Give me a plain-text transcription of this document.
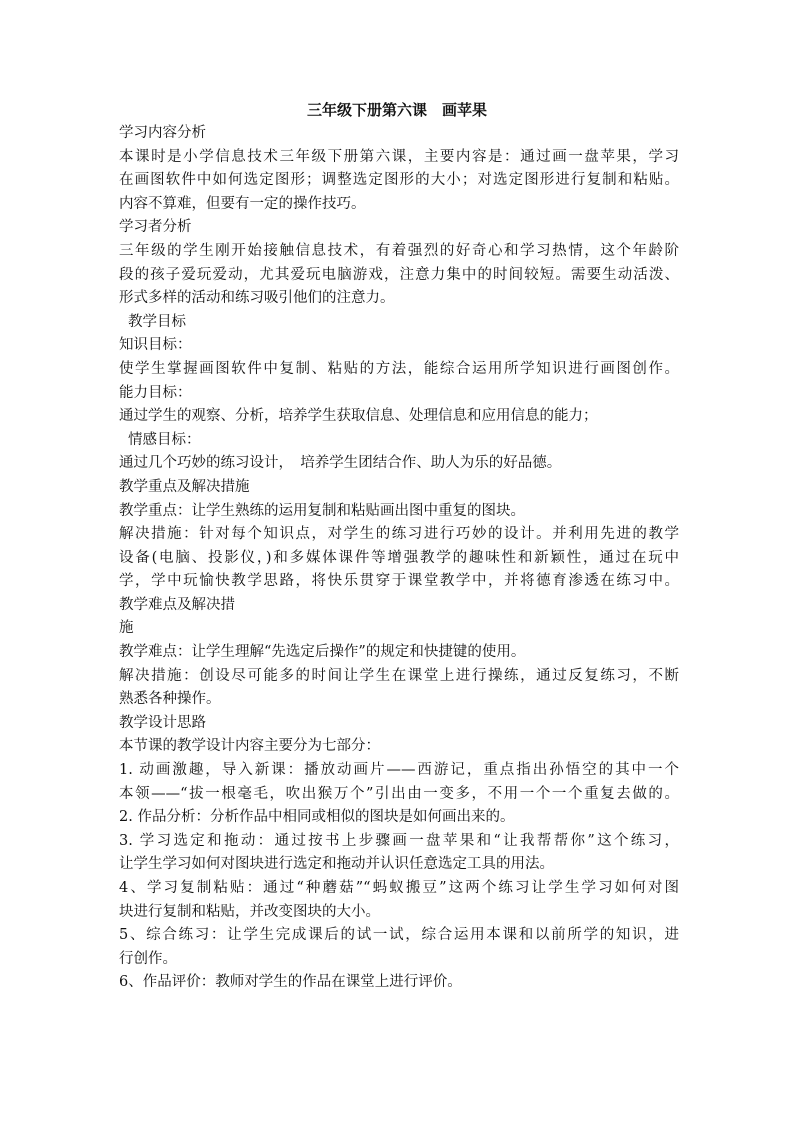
三年级下册第六课　画苹果
学习内容分析
本课时是小学信息技术三年级下册第六课，主要内容是：通过画一盘苹果，学习
在画图软件中如何选定图形；调整选定图形的大小；对选定图形进行复制和粘贴。
内容不算难，但要有一定的操作技巧。
学习者分析
三年级的学生刚开始接触信息技术，有着强烈的好奇心和学习热情，这个年龄阶
段的孩子爱玩爱动，尤其爱玩电脑游戏，注意力集中的时间较短。需要生动活泼、
形式多样的活动和练习吸引他们的注意力。
教学目标
知识目标：
使学生掌握画图软件中复制、粘贴的方法，能综合运用所学知识进行画图创作。
能力目标：
通过学生的观察、分析，培养学生获取信息、处理信息和应用信息的能力；
情感目标：
通过几个巧妙的练习设计，　培养学生团结合作、助人为乐的好品德。
教学重点及解决措施
教学重点：让学生熟练的运用复制和粘贴画出图中重复的图块。
解决措施：针对每个知识点，对学生的练习进行巧妙的设计。并利用先进的教学
设备(电脑、投影仪，)和多媒体课件等增强教学的趣味性和新颖性，通过在玩中
学，学中玩愉快教学思路，将快乐贯穿于课堂教学中，并将德育渗透在练习中。
教学难点及解决措
施
教学难点：让学生理解“先选定后操作”的规定和快捷键的使用。
解决措施：创设尽可能多的时间让学生在课堂上进行操练，通过反复练习，不断
熟悉各种操作。
教学设计思路
本节课的教学设计内容主要分为七部分：
1. 动画激趣，导入新课：播放动画片——西游记，重点指出孙悟空的其中一个
本领——“拔一根毫毛，吹出猴万个”引出由一变多，不用一个一个重复去做的。
2. 作品分析：分析作品中相同或相似的图块是如何画出来的。
3. 学习选定和拖动：通过按书上步骤画一盘苹果和“让我帮帮你”这个练习，
让学生学习如何对图块进行选定和拖动并认识任意选定工具的用法。
4、学习复制粘贴：通过“种蘑菇”“蚂蚁搬豆”这两个练习让学生学习如何对图
块进行复制和粘贴，并改变图块的大小。
5、综合练习：让学生完成课后的试一试，综合运用本课和以前所学的知识，进
行创作。
6、作品评价：教师对学生的作品在课堂上进行评价。
